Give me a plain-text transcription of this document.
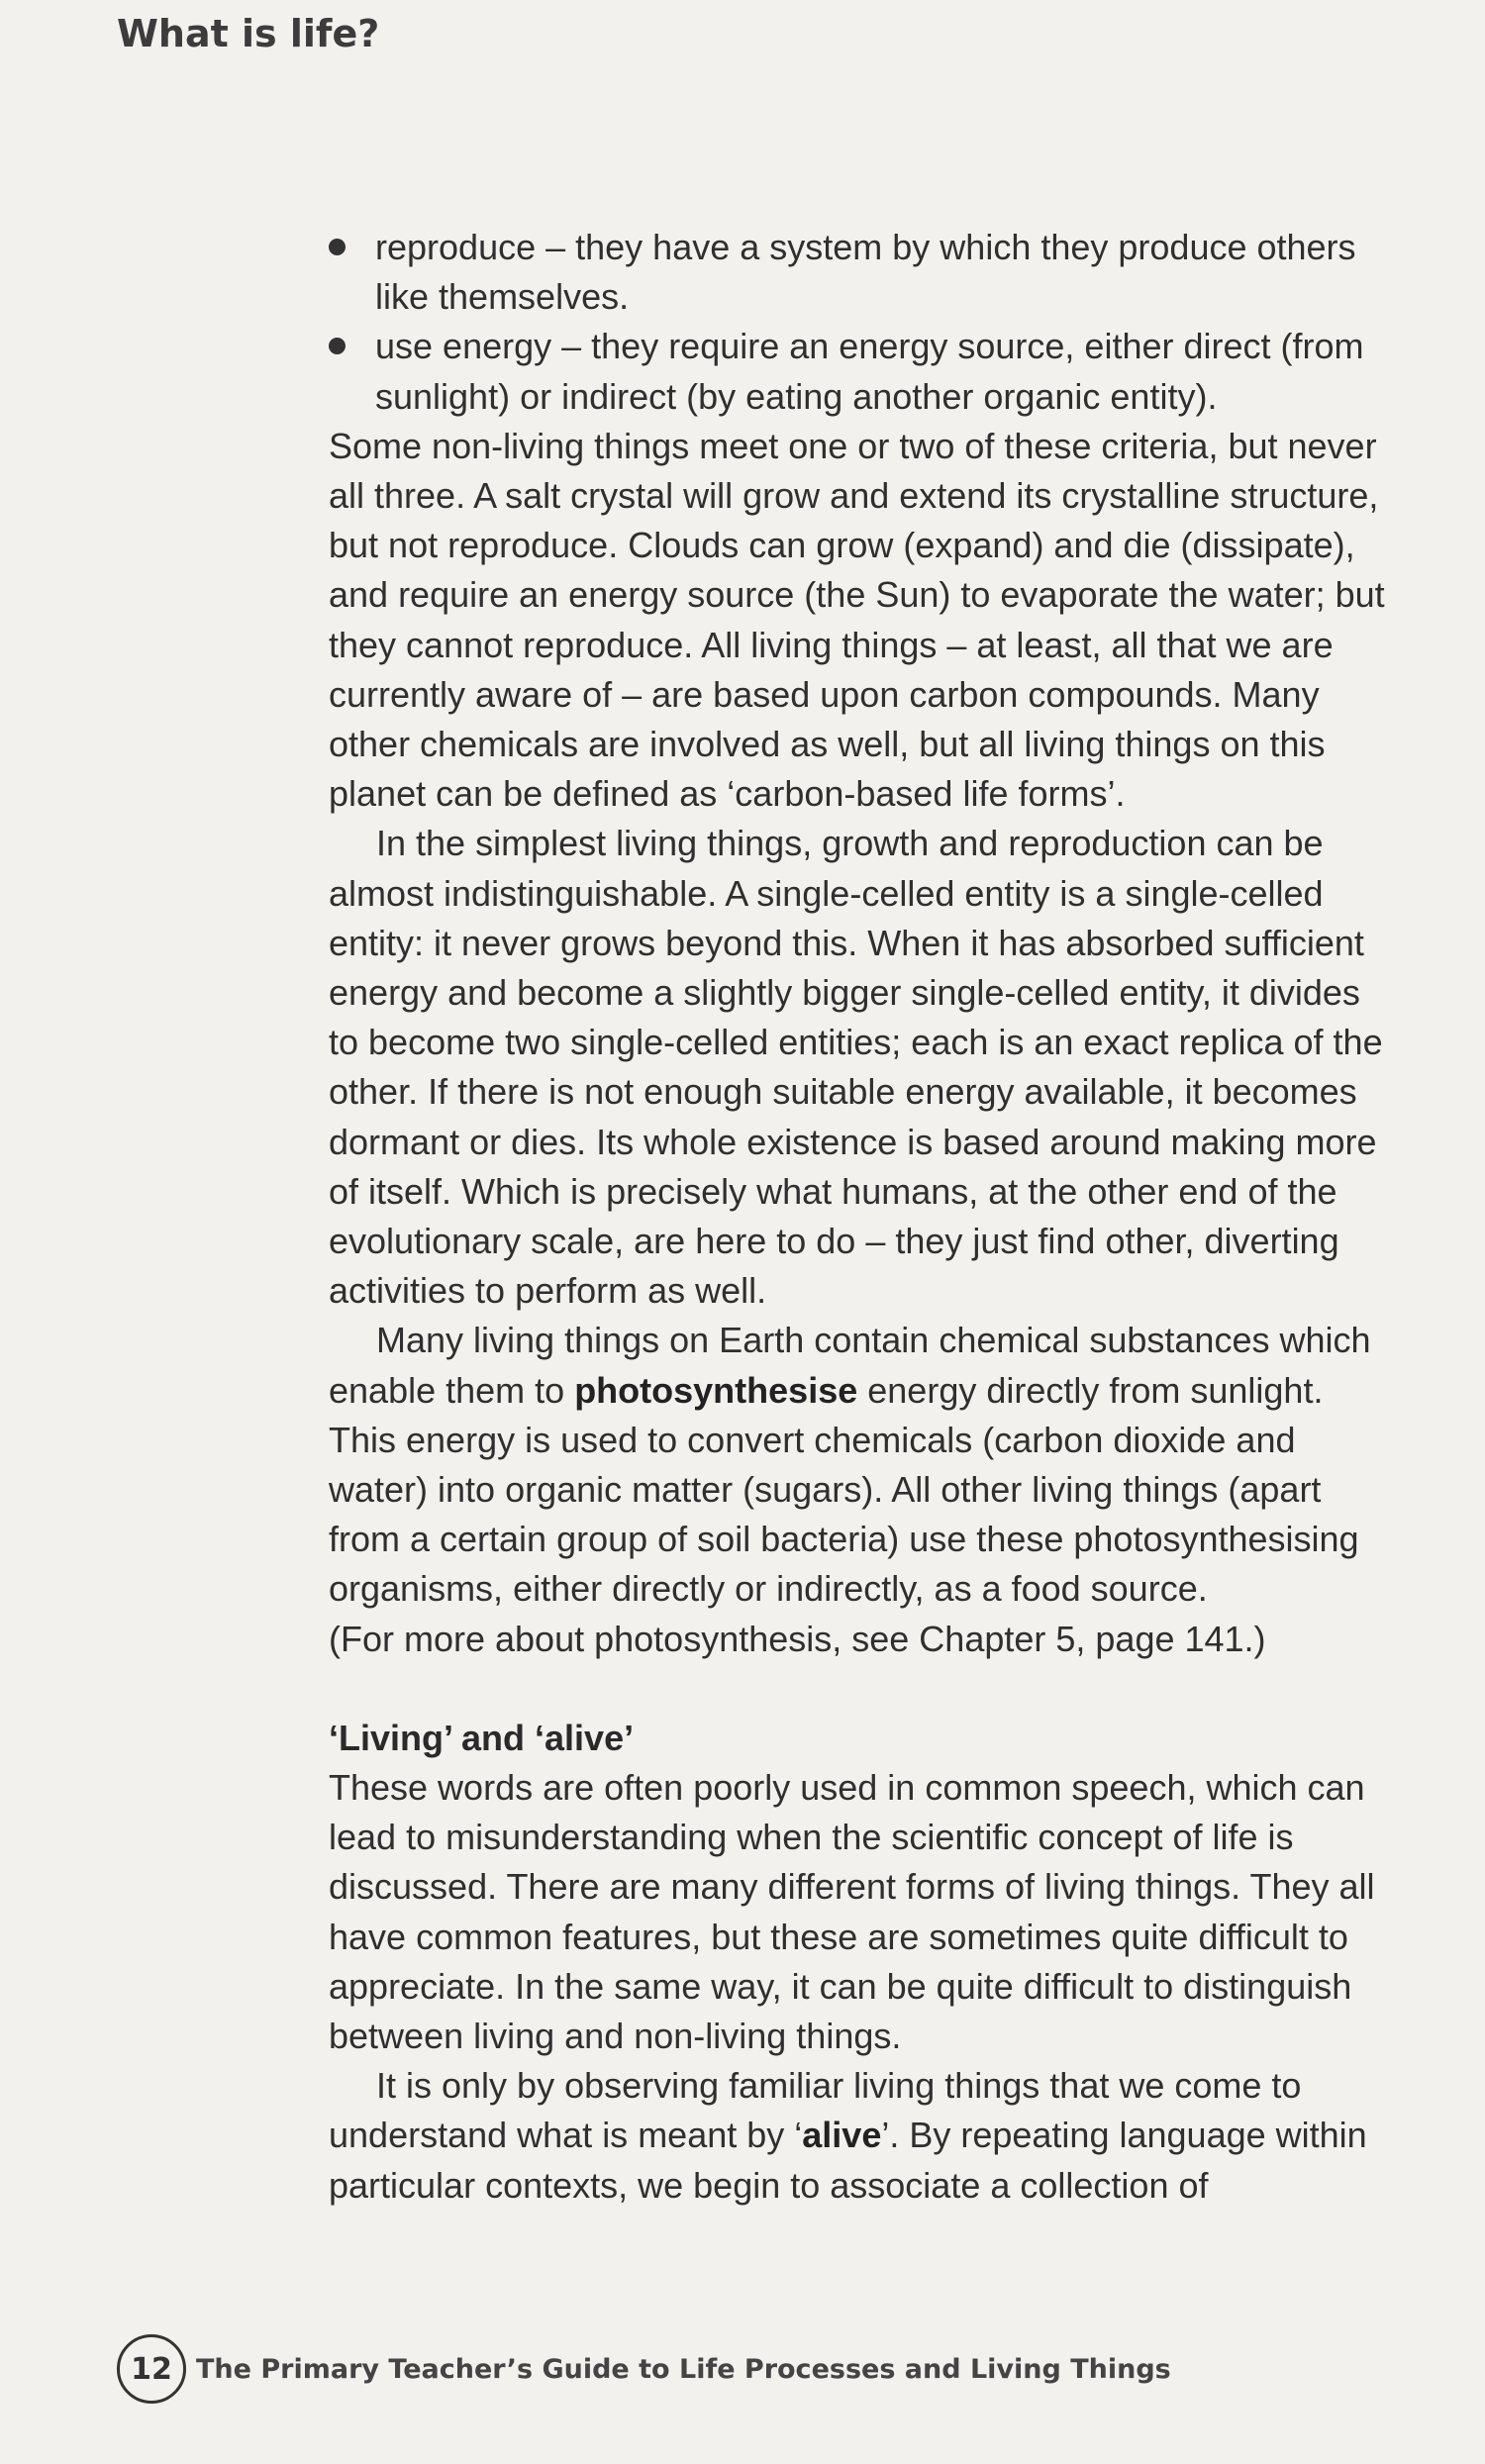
What is life?

reproduce – they have a system by which they produce others like themselves.

use energy – they require an energy source, either direct (from sunlight) or indirect (by eating another organic entity).

Some non-living things meet one or two of these criteria, but never all three. A salt crystal will grow and extend its crystalline structure, but not reproduce. Clouds can grow (expand) and die (dissipate), and require an energy source (the Sun) to evaporate the water; but they cannot reproduce. All living things – at least, all that we are currently aware of – are based upon carbon compounds. Many other chemicals are involved as well, but all living things on this planet can be defined as ‘carbon-based life forms’.

In the simplest living things, growth and reproduction can be almost indistinguishable. A single-celled entity is a single-celled entity: it never grows beyond this. When it has absorbed sufficient energy and become a slightly bigger single-celled entity, it divides to become two single-celled entities; each is an exact replica of the other. If there is not enough suitable energy available, it becomes dormant or dies. Its whole existence is based around making more of itself. Which is precisely what humans, at the other end of the evolutionary scale, are here to do – they just find other, diverting activities to perform as well.

Many living things on Earth contain chemical substances which enable them to photosynthesise energy directly from sunlight. This energy is used to convert chemicals (carbon dioxide and water) into organic matter (sugars). All other living things (apart from a certain group of soil bacteria) use these photosynthesising organisms, either directly or indirectly, as a food source.

(For more about photosynthesis, see Chapter 5, page 141.)

‘Living’ and ‘alive’

These words are often poorly used in common speech, which can lead to misunderstanding when the scientific concept of life is discussed. There are many different forms of living things. They all have common features, but these are sometimes quite difficult to appreciate. In the same way, it can be quite difficult to distinguish between living and non-living things.

It is only by observing familiar living things that we come to understand what is meant by ‘alive’. By repeating language within particular contexts, we begin to associate a collection of

12 The Primary Teacher’s Guide to Life Processes and Living Things
